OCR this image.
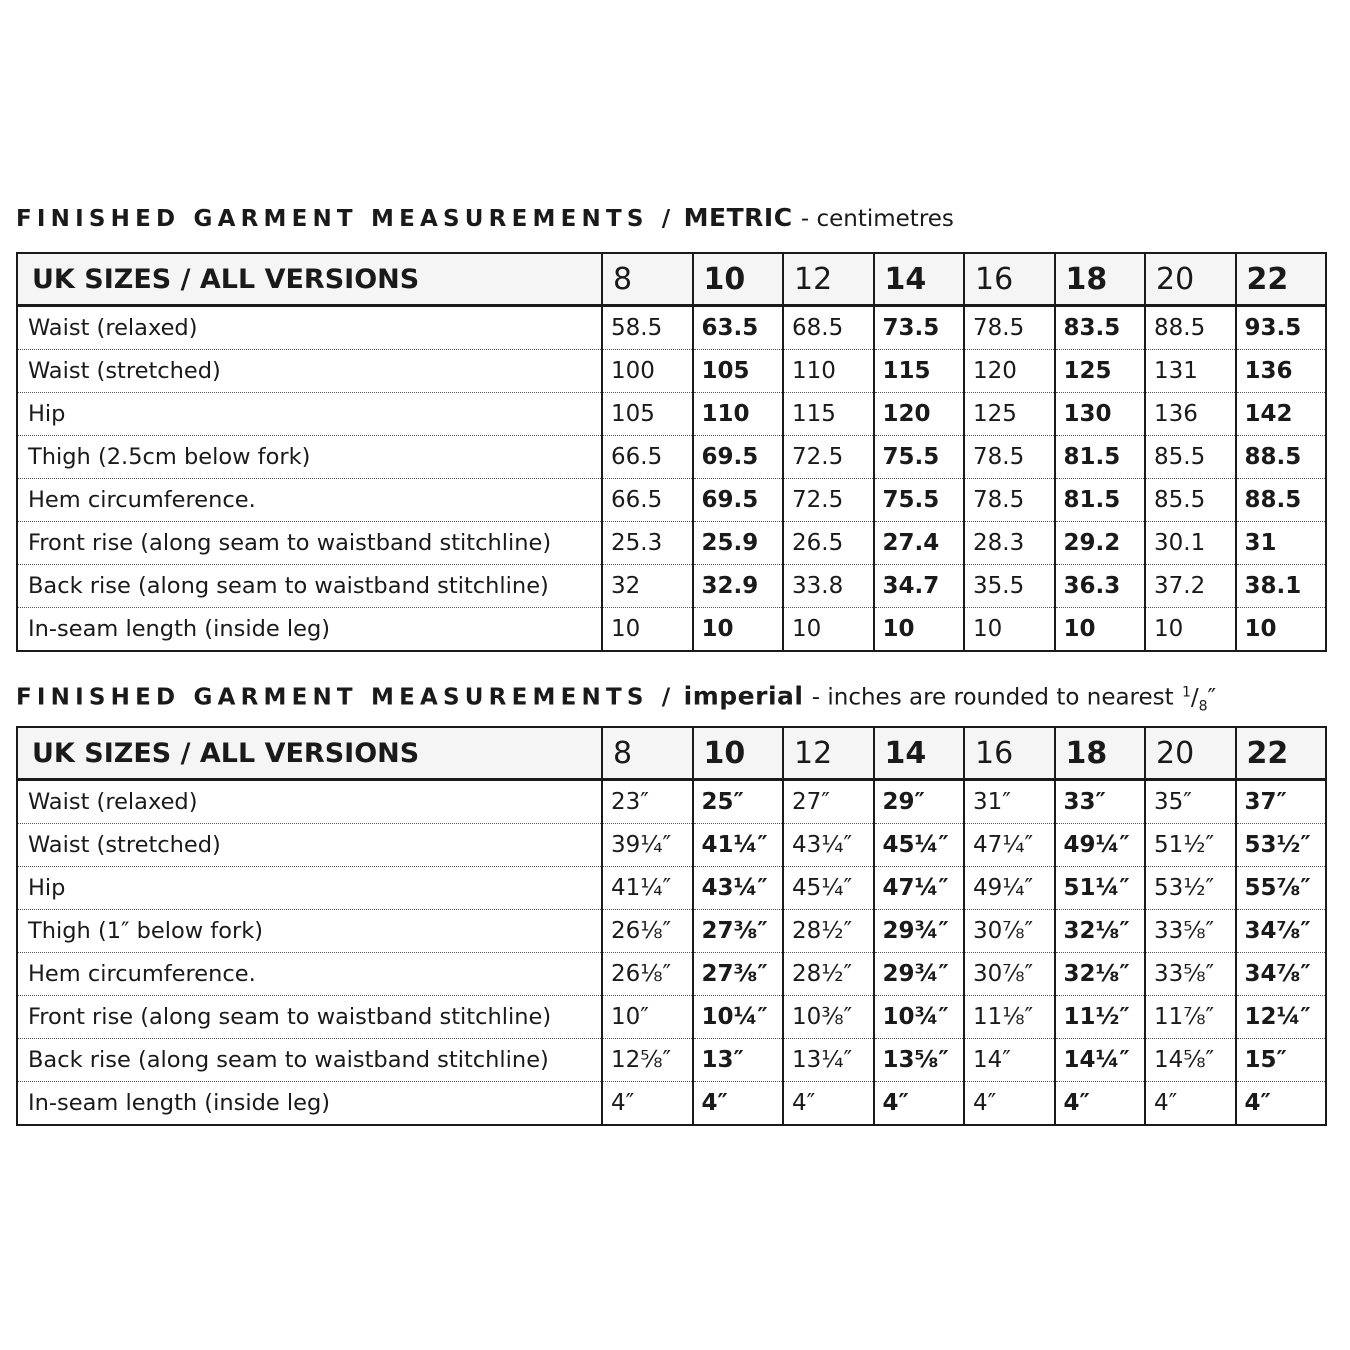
FINISHED GARMENT MEASUREMENTS / METRIC - centimetres
UK SIZES / ALL VERSIONS	8	10	12	14	16	18	20	22
Waist (relaxed)	58.5	63.5	68.5	73.5	78.5	83.5	88.5	93.5
Waist (stretched)	100	105	110	115	120	125	131	136
Hip	105	110	115	120	125	130	136	142
Thigh (2.5cm below fork)	66.5	69.5	72.5	75.5	78.5	81.5	85.5	88.5
Hem circumference.	66.5	69.5	72.5	75.5	78.5	81.5	85.5	88.5
Front rise (along seam to waistband stitchline)	25.3	25.9	26.5	27.4	28.3	29.2	30.1	31
Back rise (along seam to waistband stitchline)	32	32.9	33.8	34.7	35.5	36.3	37.2	38.1
In-seam length (inside leg)	10	10	10	10	10	10	10	10
FINISHED GARMENT MEASUREMENTS / imperial - inches are rounded to nearest $^1/_8''$
UK SIZES / ALL VERSIONS	8	10	12	14	16	18	20	22
Waist (relaxed)	23″	25″	27″	29″	31″	33″	35″	37″
Waist (stretched)	39¼″	41¼″	43¼″	45¼″	47¼″	49¼″	51½″	53½″
Hip	41¼″	43¼″	45¼″	47¼″	49¼″	51¼″	53½″	55⅞″
Thigh (1″ below fork)	26⅛″	27⅜″	28½″	29¾″	30⅞″	32⅛″	33⅝″	34⅞″
Hem circumference.	26⅛″	27⅜″	28½″	29¾″	30⅞″	32⅛″	33⅝″	34⅞″
Front rise (along seam to waistband stitchline)	10″	10¼″	10⅜″	10¾″	11⅛″	11½″	11⅞″	12¼″
Back rise (along seam to waistband stitchline)	12⅝″	13″	13¼″	13⅝″	14″	14¼″	14⅝″	15″
In-seam length (inside leg)	4″	4″	4″	4″	4″	4″	4″	4″
